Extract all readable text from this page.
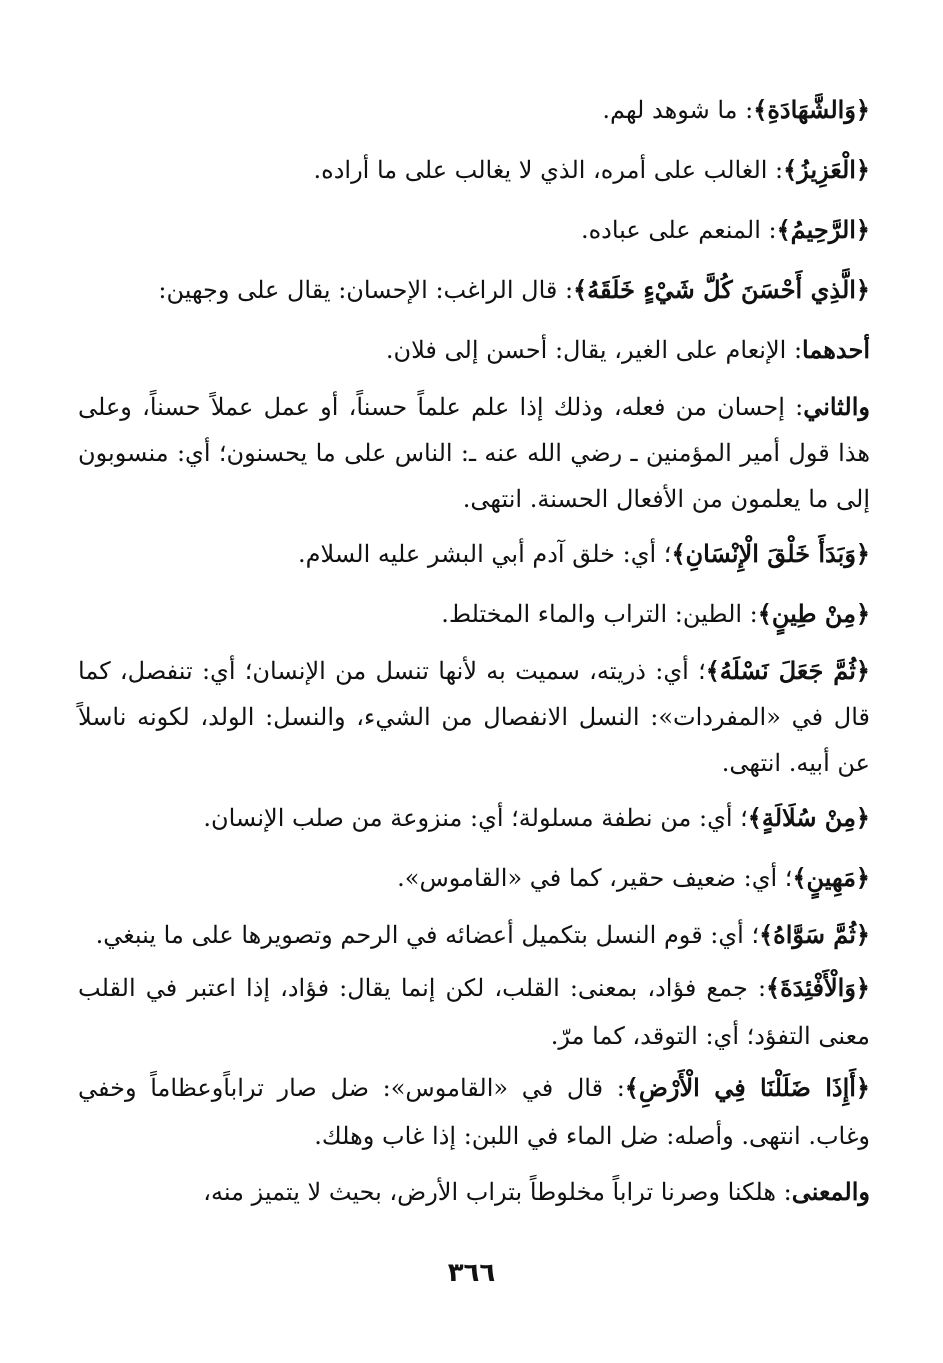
﴿وَالشَّهَادَةِ﴾: ما شوهد لهم.

﴿الْعَزِيزُ﴾: الغالب على أمره، الذي لا يغالب على ما أراده.

﴿الرَّحِيمُ﴾: المنعم على عباده.

﴿الَّذِي أَحْسَنَ كُلَّ شَيْءٍ خَلَقَهُ﴾: قال الراغب: الإحسان: يقال على وجهين:

أحدهما: الإنعام على الغير، يقال: أحسن إلى فلان.

والثاني: إحسان من فعله، وذلك إذا علم علماً حسناً، أو عمل عملاً حسناً، وعلى هذا قول أمير المؤمنين ـ رضي الله عنه ـ: الناس على ما يحسنون؛ أي: منسوبون إلى ما يعلمون من الأفعال الحسنة. انتهى.

﴿وَبَدَأَ خَلْقَ الْإِنْسَانِ﴾؛ أي: خلق آدم أبي البشر عليه السلام.

﴿مِنْ طِينٍ﴾: الطين: التراب والماء المختلط.

﴿ثُمَّ جَعَلَ نَسْلَهُ﴾؛ أي: ذريته، سميت به لأنها تنسل من الإنسان؛ أي: تنفصل، كما قال في «المفردات»: النسل الانفصال من الشيء، والنسل: الولد، لكونه ناسلاً عن أبيه. انتهى.

﴿مِنْ سُلَالَةٍ﴾؛ أي: من نطفة مسلولة؛ أي: منزوعة من صلب الإنسان.

﴿مَهِينٍ﴾؛ أي: ضعيف حقير، كما في «القاموس».

﴿ثُمَّ سَوَّاهُ﴾؛ أي: قوم النسل بتكميل أعضائه في الرحم وتصويرها على ما ينبغي.

﴿وَالْأَفْئِدَةَ﴾: جمع فؤاد، بمعنى: القلب، لكن إنما يقال: فؤاد، إذا اعتبر في القلب معنى التفؤد؛ أي: التوقد، كما مرّ.

﴿أَإِذَا ضَلَلْنَا فِي الْأَرْضِ﴾: قال في «القاموس»: ضل صار تراباًوعظاماً وخفي وغاب. انتهى. وأصله: ضل الماء في اللبن: إذا غاب وهلك.

والمعنى: هلكنا وصرنا تراباً مخلوطاً بتراب الأرض، بحيث لا يتميز منه،

٣٦٦
